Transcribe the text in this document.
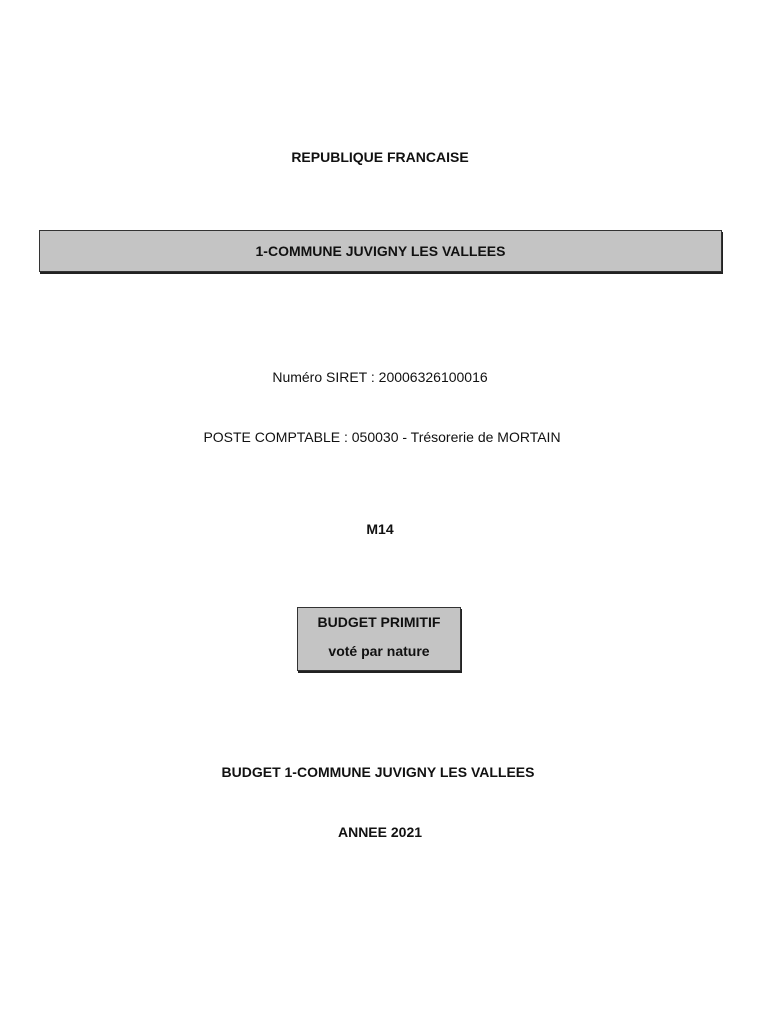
REPUBLIQUE FRANCAISE
1-COMMUNE JUVIGNY LES VALLEES
Numéro SIRET : 20006326100016
POSTE COMPTABLE : 050030 - Trésorerie de MORTAIN
M14
BUDGET PRIMITIF
voté par nature
BUDGET 1-COMMUNE JUVIGNY LES VALLEES
ANNEE 2021
